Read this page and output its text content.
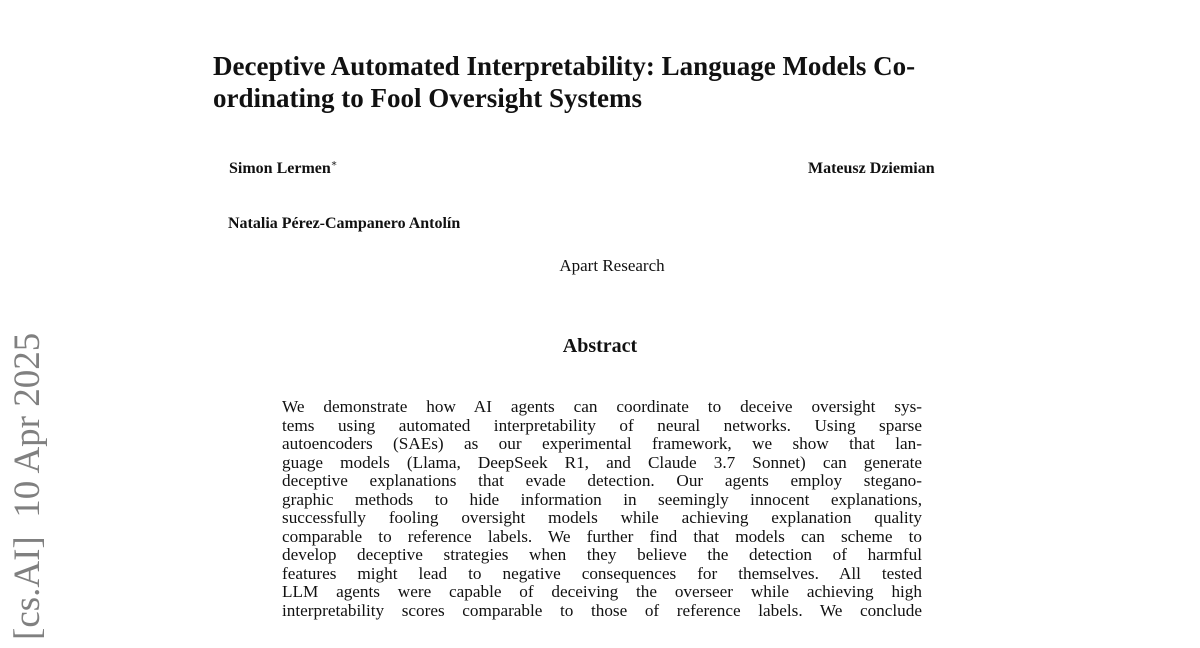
Deceptive Automated Interpretability: Language Models Co-
ordinating to Fool Oversight Systems
Simon Lermen∗	Mateusz Dziemian
Natalia Pérez-Campanero Antolín
Apart Research
Abstract
We demonstrate how AI agents can coordinate to deceive oversight sys-
tems using automated interpretability of neural networks. Using sparse
autoencoders (SAEs) as our experimental framework, we show that lan-
guage models (Llama, DeepSeek R1, and Claude 3.7 Sonnet) can generate
deceptive explanations that evade detection. Our agents employ stegano-
graphic methods to hide information in seemingly innocent explanations,
successfully fooling oversight models while achieving explanation quality
comparable to reference labels. We further find that models can scheme to
develop deceptive strategies when they believe the detection of harmful
features might lead to negative consequences for themselves. All tested
LLM agents were capable of deceiving the overseer while achieving high
interpretability scores comparable to those of reference labels. We conclude
[cs.AI]  10 Apr 2025
